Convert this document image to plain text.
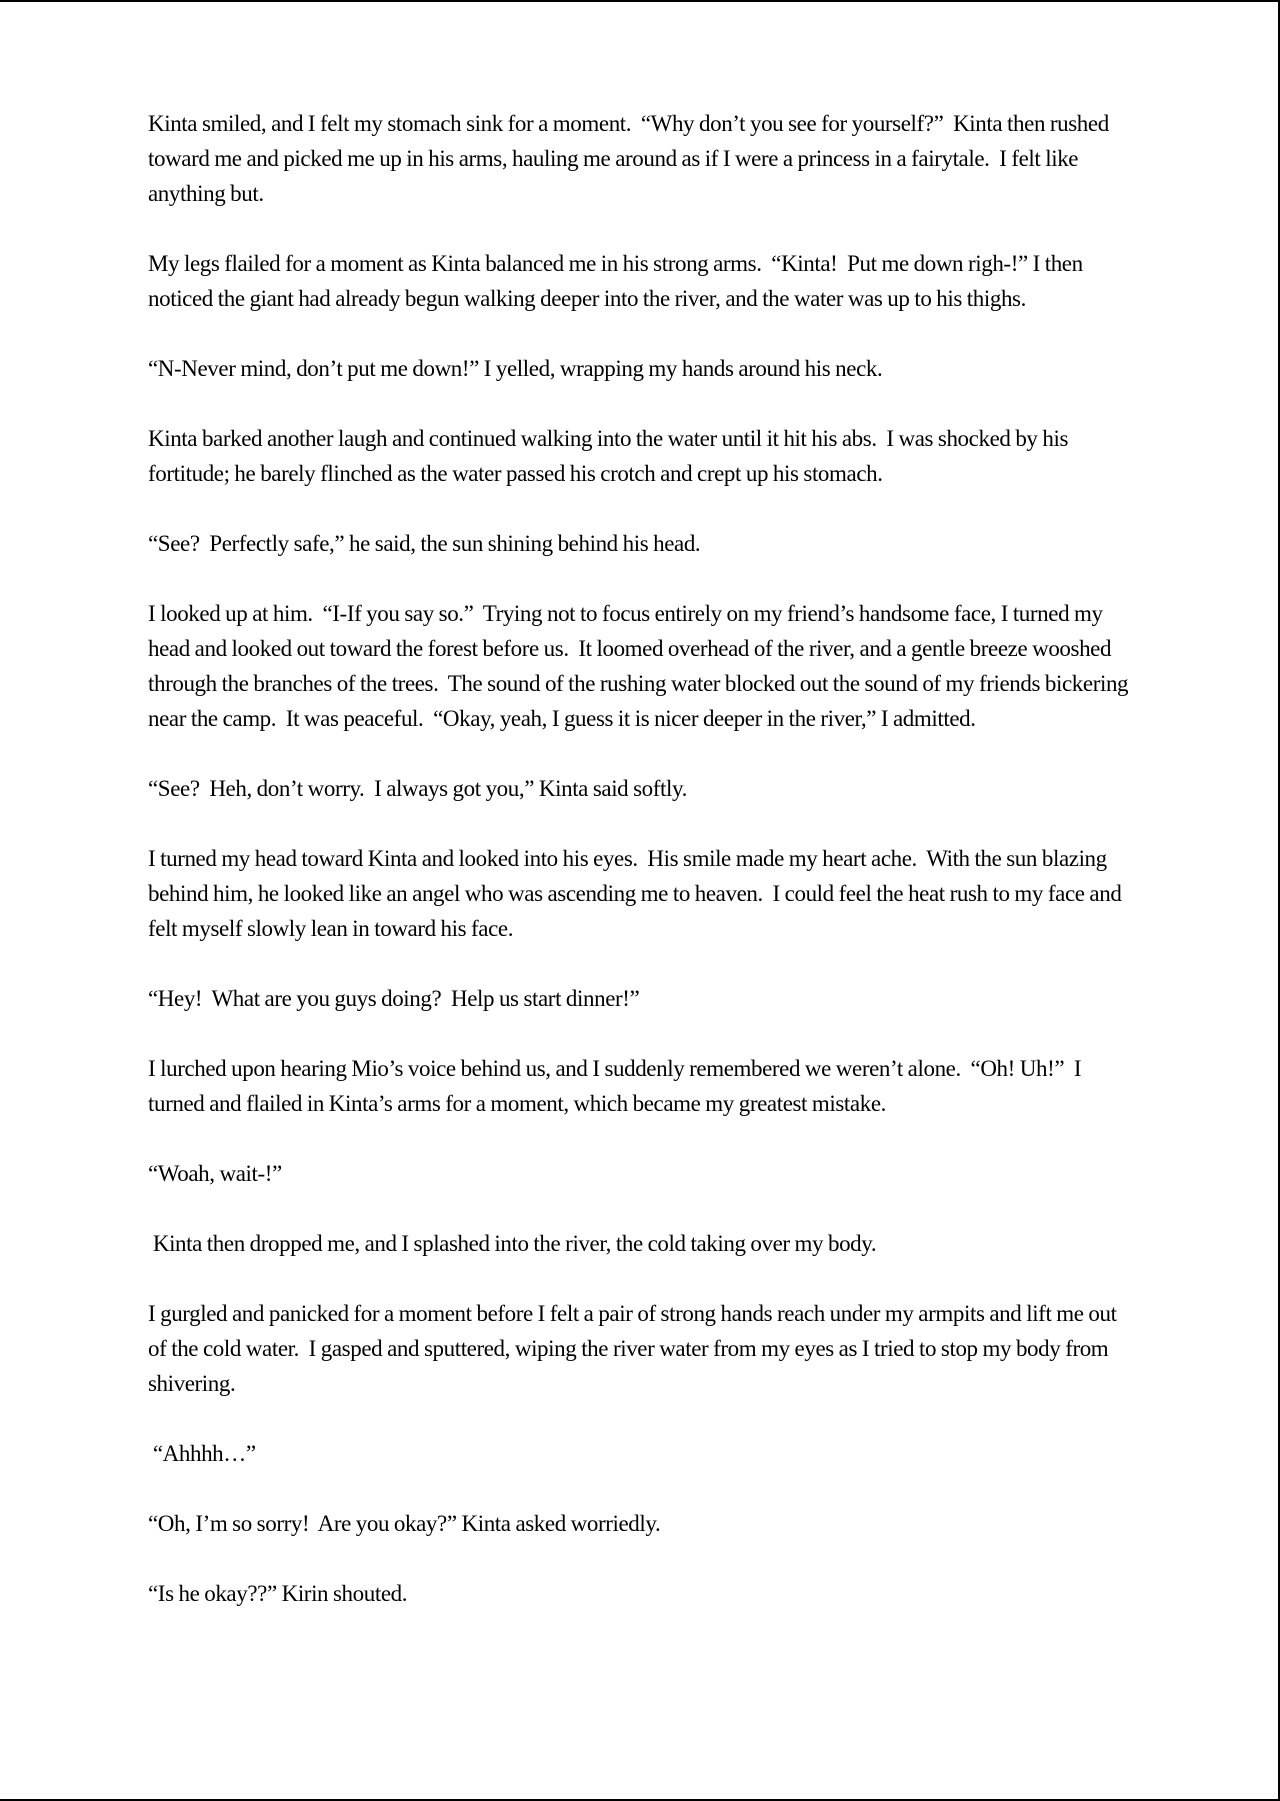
Kinta smiled, and I felt my stomach sink for a moment.  “Why don’t you see for yourself?”  Kinta then rushed toward me and picked me up in his arms, hauling me around as if I were a princess in a fairytale.  I felt like anything but.

My legs flailed for a moment as Kinta balanced me in his strong arms.  “Kinta!  Put me down righ-!” I then noticed the giant had already begun walking deeper into the river, and the water was up to his thighs.

“N-Never mind, don’t put me down!” I yelled, wrapping my hands around his neck.

Kinta barked another laugh and continued walking into the water until it hit his abs.  I was shocked by his fortitude; he barely flinched as the water passed his crotch and crept up his stomach.

“See?  Perfectly safe,” he said, the sun shining behind his head.

I looked up at him.  “I-If you say so.”  Trying not to focus entirely on my friend’s handsome face, I turned my head and looked out toward the forest before us.  It loomed overhead of the river, and a gentle breeze wooshed through the branches of the trees.  The sound of the rushing water blocked out the sound of my friends bickering near the camp.  It was peaceful.  “Okay, yeah, I guess it is nicer deeper in the river,” I admitted.

“See?  Heh, don’t worry.  I always got you,” Kinta said softly.

I turned my head toward Kinta and looked into his eyes.  His smile made my heart ache.  With the sun blazing behind him, he looked like an angel who was ascending me to heaven.  I could feel the heat rush to my face and felt myself slowly lean in toward his face.

“Hey!  What are you guys doing?  Help us start dinner!”

I lurched upon hearing Mio’s voice behind us, and I suddenly remembered we weren’t alone.  “Oh! Uh!”  I turned and flailed in Kinta’s arms for a moment, which became my greatest mistake.

“Woah, wait-!”

Kinta then dropped me, and I splashed into the river, the cold taking over my body.

I gurgled and panicked for a moment before I felt a pair of strong hands reach under my armpits and lift me out of the cold water.  I gasped and sputtered, wiping the river water from my eyes as I tried to stop my body from shivering.

“Ahhhh…”

“Oh, I’m so sorry!  Are you okay?” Kinta asked worriedly.

“Is he okay??” Kirin shouted.
